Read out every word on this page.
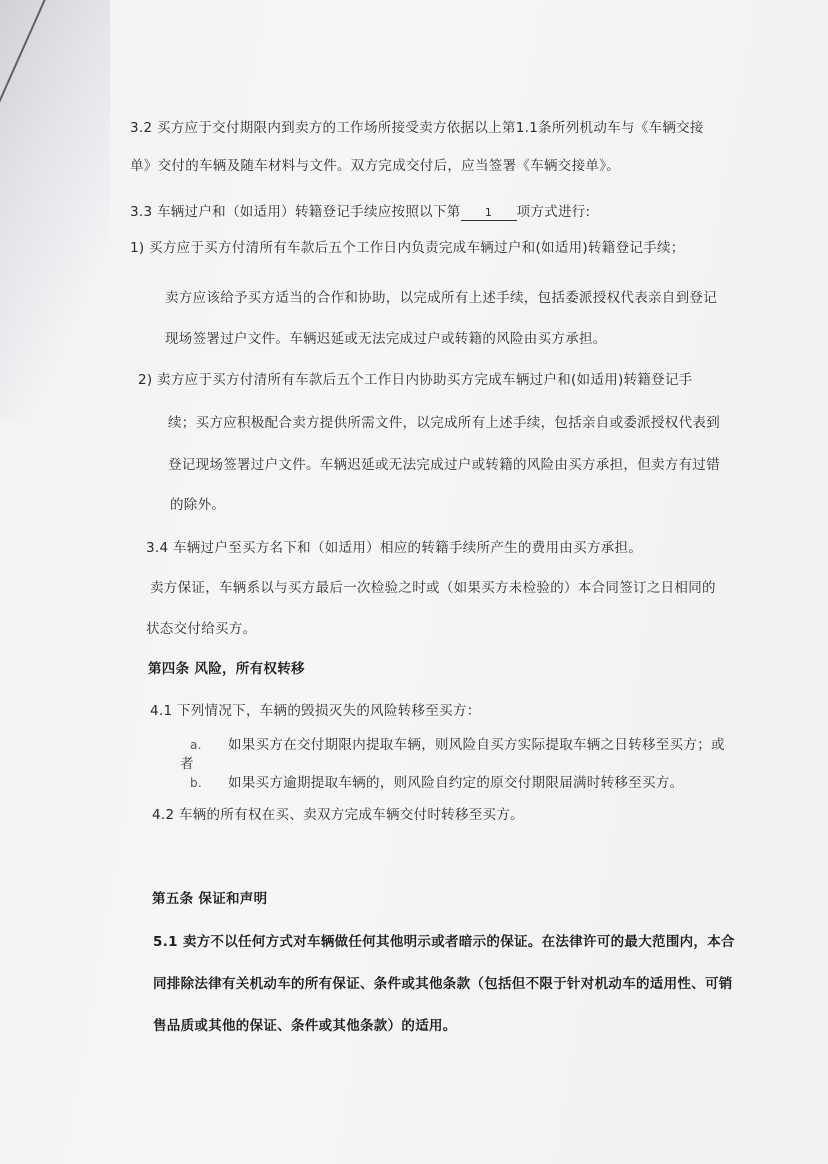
3.2 买方应于交付期限内到卖方的工作场所接受卖方依据以上第1.1条所列机动车与《车辆交接
单》交付的车辆及随车材料与文件。双方完成交付后，应当签署《车辆交接单》。
3.3 车辆过户和（如适用）转籍登记手续应按照以下第 1 项方式进行:
1) 买方应于买方付清所有车款后五个工作日内负责完成车辆过户和(如适用)转籍登记手续；
卖方应该给予买方适当的合作和协助，以完成所有上述手续，包括委派授权代表亲自到登记
现场签署过户文件。车辆迟延或无法完成过户或转籍的风险由买方承担。
2) 卖方应于买方付清所有车款后五个工作日内协助买方完成车辆过户和(如适用)转籍登记手
续；买方应积极配合卖方提供所需文件，以完成所有上述手续，包括亲自或委派授权代表到
登记现场签署过户文件。车辆迟延或无法完成过户或转籍的风险由买方承担，但卖方有过错
的除外。
3.4 车辆过户至买方名下和（如适用）相应的转籍手续所产生的费用由买方承担。
卖方保证，车辆系以与买方最后一次检验之时或（如果买方未检验的）本合同签订之日相同的
状态交付给买方。
第四条 风险，所有权转移
4.1 下列情况下，车辆的毁损灭失的风险转移至买方：
a. 如果买方在交付期限内提取车辆，则风险自买方实际提取车辆之日转移至买方；或
者
b. 如果买方逾期提取车辆的，则风险自约定的原交付期限届满时转移至买方。
4.2 车辆的所有权在买、卖双方完成车辆交付时转移至买方。
第五条 保证和声明
5.1 卖方不以任何方式对车辆做任何其他明示或者暗示的保证。在法律许可的最大范围内，本合
同排除法律有关机动车的所有保证、条件或其他条款（包括但不限于针对机动车的适用性、可销
售品质或其他的保证、条件或其他条款）的适用。
